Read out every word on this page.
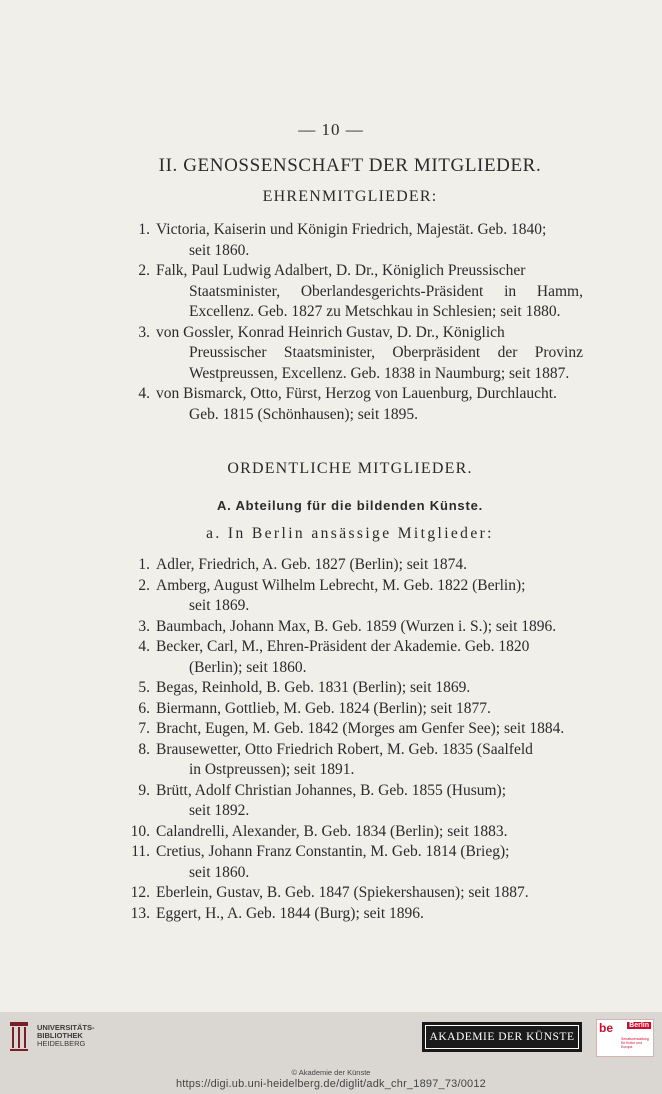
— 10 —
II. GENOSSENSCHAFT DER MITGLIEDER.
EHRENMITGLIEDER:
1. Victoria, Kaiserin und Königin Friedrich, Majestät. Geb. 1840;
seit 1860.
2. Falk, Paul Ludwig Adalbert, D. Dr., Königlich Preussischer
Staatsminister, Oberlandesgerichts-Präsident in Hamm, Excellenz. Geb. 1827 zu Metschkau in Schlesien; seit 1880.
3. von Gossler, Konrad Heinrich Gustav, D. Dr., Königlich
Preussischer Staatsminister, Oberpräsident der Provinz Westpreussen, Excellenz. Geb. 1838 in Naumburg; seit 1887.
4. von Bismarck, Otto, Fürst, Herzog von Lauenburg, Durchlaucht.
Geb. 1815 (Schönhausen); seit 1895.
ORDENTLICHE MITGLIEDER.
A. Abteilung für die bildenden Künste.
a. In Berlin ansässige Mitglieder:
1. Adler, Friedrich, A. Geb. 1827 (Berlin); seit 1874.
2. Amberg, August Wilhelm Lebrecht, M. Geb. 1822 (Berlin);
seit 1869.
3. Baumbach, Johann Max, B. Geb. 1859 (Wurzen i. S.); seit 1896.
4. Becker, Carl, M., Ehren-Präsident der Akademie. Geb. 1820
(Berlin); seit 1860.
5. Begas, Reinhold, B. Geb. 1831 (Berlin); seit 1869.
6. Biermann, Gottlieb, M. Geb. 1824 (Berlin); seit 1877.
7. Bracht, Eugen, M. Geb. 1842 (Morges am Genfer See); seit 1884.
8. Brausewetter, Otto Friedrich Robert, M. Geb. 1835 (Saalfeld
in Ostpreussen); seit 1891.
9. Brütt, Adolf Christian Johannes, B. Geb. 1855 (Husum);
seit 1892.
10. Calandrelli, Alexander, B. Geb. 1834 (Berlin); seit 1883.
11. Cretius, Johann Franz Constantin, M. Geb. 1814 (Brieg);
seit 1860.
12. Eberlein, Gustav, B. Geb. 1847 (Spiekershausen); seit 1887.
13. Eggert, H., A. Geb. 1844 (Burg); seit 1896.
UNIVERSITÄTS-
BIBLIOTHEK
HEIDELBERG
AKADEMIE DER KÜNSTE
be Berlin
Senatsverwaltung für Kultur und Europa
© Akademie der Künste
https://digi.ub.uni-heidelberg.de/diglit/adk_chr_1897_73/0012
